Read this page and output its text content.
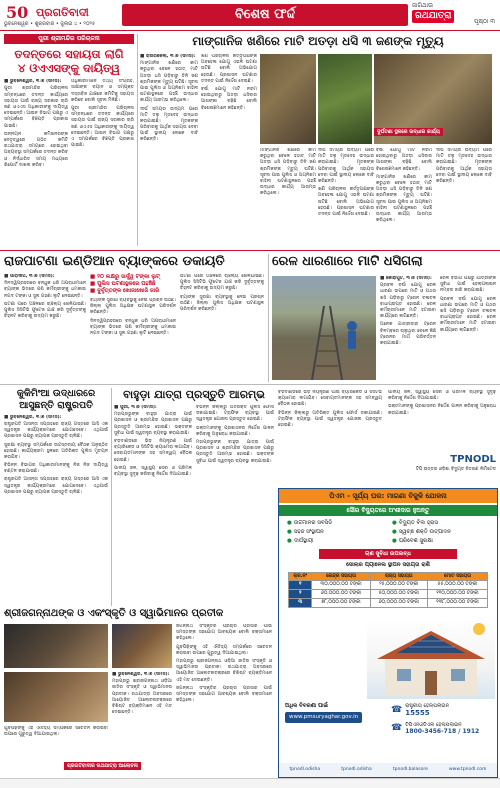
50 ପ୍ରଗତିବାଦୀ
ଭୁବନେଶ୍ୱର • ଶୁକ୍ରବାର • ଜୁଲାଇ ୪ • ୨୦୨୫
ବିଶେଷ ଫର୍ଦ୍ଦ
ଜାଗିଥାଉ
ରଥଯାତ୍ରା
ପୃଷ୍ଠା ୩
ପୁରୀ ଶ୍ରୀମନ୍ଦିର ପରିଚାଳନା
ତଦନ୍ତରେ ସହାୟତା ଲାଗି
୪ ଓଏଏସଙ୍କୁ ଦାୟିତ୍ୱ
■ ଭୁବନେଶ୍ୱର, ୩।୭ (ସମିସ):
ପୁରୀ ଶ୍ରୀମନ୍ଦିର ପରିଚାଳନା ସମ୍ବନ୍ଧରେ ତଦନ୍ତ କାର୍ଯ୍ୟରେ ସହାୟତା ପାଇଁ ରାଜ୍ୟ ସରକାର ଚାରି ଜଣ ଓଏଏସ ଅଧିକାରୀଙ୍କୁ ଦାୟିତ୍ୱ ଦେଇଛନ୍ତି। ଆଇନ ବିଭାଗ ପକ୍ଷରୁ ଏ ସମ୍ପର୍କରେ ବିଜ୍ଞପ୍ତି ପ୍ରକାଶ ପାଇଛି।
ଉନ୍ନୟନ କମିଶନରଙ୍କ ନେତୃତ୍ୱରେ ଗଠିତ କମିଟି ରଥଯାତ୍ରା ସମୟରେ ହୋଇଥିବା ଅବ୍ୟବସ୍ଥା ସମ୍ପର୍କରେ ତଦନ୍ତ କରିବ ଓ ନିର୍ଦ୍ଧାରିତ ସମୟ ମଧ୍ୟରେ ରିପୋର୍ଟ ଦାଖଲ କରିବ।
ଅଧିକାରୀମାନେ ତଥ୍ୟ ସଂଗ୍ରହ, ସାକ୍ଷୀଙ୍କ ବୟାନ ଓ ସମ୍ପୃକ୍ତ ଦସ୍ତାବିଜ ଯାଞ୍ଚରେ କମିଟିକୁ ସହାୟତା କରିବେ ବୋଲି ସୂଚନା ମିଳିଛି।
ପୁରୀ ଶ୍ରୀମନ୍ଦିର ପରିଚାଳନା ସମ୍ବନ୍ଧରେ ତଦନ୍ତ କାର୍ଯ୍ୟରେ ସହାୟତା ପାଇଁ ରାଜ୍ୟ ସରକାର ଚାରି ଜଣ ଓଏଏସ ଅଧିକାରୀଙ୍କୁ ଦାୟିତ୍ୱ ଦେଇଛନ୍ତି। ଆଇନ ବିଭାଗ ପକ୍ଷରୁ ଏ ସମ୍ପର୍କରେ ବିଜ୍ଞପ୍ତି ପ୍ରକାଶ ପାଇଛି।
ମାଙ୍ଗାନିଜ ଖଣିରେ ମାଟି ଅତଡ଼ା ଧସି ୩ ଜଣଙ୍କ ମୃତ୍ୟୁ
■ ରାଉରକେଲା, ୩।୭ (ସମିସ):
ମାଙ୍ଗାନିଜ ଖଣିରେ କାମ କରୁଥିବା ବେଳେ ହଠାତ୍ ମାଟି ଅତଡ଼ା ଧସି ପଡ଼ିବାରୁ ତିନି ଜଣ ଶ୍ରମିକଙ୍କ ମୃତ୍ୟୁ ଘଟିଛି। ସୂଚନା ପାଇ ପୁଲିସ ଓ ଅଗ୍ନିଶମ ବାହିନୀ ଘଟଣାସ୍ଥଳରେ ପହଞ୍ଚି ଉଦ୍ଧାର କାର୍ଯ୍ୟ ଆରମ୍ଭ କରିଥିଲେ।
ଦୀର୍ଘ ସମୟର ଉଦ୍ୟମ ପରେ ମାଟି ତଳୁ ମୃତଦେହ ଉଦ୍ଧାର କରାଯାଇଛି। ମୃତକଙ୍କ ପରିବାରକୁ ଆର୍ଥିକ ସହାୟତା ଦେବା ପାଇଁ ସ୍ଥାନୀୟ ଲୋକେ ଦାବି କରିଛନ୍ତି।
ଖଣି ପରିଚାଳନା କର୍ତ୍ତୃପକ୍ଷଙ୍କ ଅବହେଳା ଯୋଗୁ ଏଭଳି ଘଟଣା ଘଟିଛି ବୋଲି ଅଭିଯୋଗ ହେଉଛି। ପ୍ରଶାସନ ଘଟଣାର ତଦନ୍ତ ପାଇଁ ନିର୍ଦ୍ଦେଶ ଦେଇଛି।
ବର୍ଷା ଯୋଗୁ ମାଟି ନରମ ହୋଇଥିବାରୁ ଅତଡ଼ା ଧସିବାର ଆଶଙ୍କା ବଢ଼ିଛି ବୋଲି ବିଶେଷଜ୍ଞମାନେ କହିଛନ୍ତି।
ଦୁର୍ଘଟଣା ସ୍ଥଳରେ ଉଦ୍ଧାର କାର୍ଯ୍ୟ
ମାଙ୍ଗାନିଜ ଖଣିରେ କାମ କରୁଥିବା ବେଳେ ହଠାତ୍ ମାଟି ଅତଡ଼ା ଧସି ପଡ଼ିବାରୁ ତିନି ଜଣ ଶ୍ରମିକଙ୍କ ମୃତ୍ୟୁ ଘଟିଛି। ସୂଚନା ପାଇ ପୁଲିସ ଓ ଅଗ୍ନିଶମ ବାହିନୀ ଘଟଣାସ୍ଥଳରେ ପହଞ୍ଚି ଉଦ୍ଧାର କାର୍ଯ୍ୟ ଆରମ୍ଭ କରିଥିଲେ।
ଦୀର୍ଘ ସମୟର ଉଦ୍ୟମ ପରେ ମାଟି ତଳୁ ମୃତଦେହ ଉଦ୍ଧାର କରାଯାଇଛି। ମୃତକଙ୍କ ପରିବାରକୁ ଆର୍ଥିକ ସହାୟତା ଦେବା ପାଇଁ ସ୍ଥାନୀୟ ଲୋକେ ଦାବି କରିଛନ୍ତି।
ଖଣି ପରିଚାଳନା କର୍ତ୍ତୃପକ୍ଷଙ୍କ ଅବହେଳା ଯୋଗୁ ଏଭଳି ଘଟଣା ଘଟିଛି ବୋଲି ଅଭିଯୋଗ ହେଉଛି। ପ୍ରଶାସନ ଘଟଣାର ତଦନ୍ତ ପାଇଁ ନିର୍ଦ୍ଦେଶ ଦେଇଛି।
ବର୍ଷା ଯୋଗୁ ମାଟି ନରମ ହୋଇଥିବାରୁ ଅତଡ଼ା ଧସିବାର ଆଶଙ୍କା ବଢ଼ିଛି ବୋଲି ବିଶେଷଜ୍ଞମାନେ କହିଛନ୍ତି।
ମାଙ୍ଗାନିଜ ଖଣିରେ କାମ କରୁଥିବା ବେଳେ ହଠାତ୍ ମାଟି ଅତଡ଼ା ଧସି ପଡ଼ିବାରୁ ତିନି ଜଣ ଶ୍ରମିକଙ୍କ ମୃତ୍ୟୁ ଘଟିଛି। ସୂଚନା ପାଇ ପୁଲିସ ଓ ଅଗ୍ନିଶମ ବାହିନୀ ଘଟଣାସ୍ଥଳରେ ପହଞ୍ଚି ଉଦ୍ଧାର କାର୍ଯ୍ୟ ଆରମ୍ଭ କରିଥିଲେ।
ଦୀର୍ଘ ସମୟର ଉଦ୍ୟମ ପରେ ମାଟି ତଳୁ ମୃତଦେହ ଉଦ୍ଧାର କରାଯାଇଛି। ମୃତକଙ୍କ ପରିବାରକୁ ଆର୍ଥିକ ସହାୟତା ଦେବା ପାଇଁ ସ୍ଥାନୀୟ ଲୋକେ ଦାବି କରିଛନ୍ତି।
ରାଜପାଟଣା ଇଣ୍ଡିଆନ ବ୍ୟାଙ୍କରେ ଡକାୟତି
■ ପାରାଦୀପ, ୩।୭ (ସମିସ):
ଦିନଦ୍ୱିପ୍ରହରରେ ବନ୍ଧୁକ ଧରି ଅପରାଧୀମାନେ ବ୍ୟାଙ୍କ ଭିତରେ ପଶି କର୍ମଚାରୀଙ୍କୁ ଧମକାଇ ନଗଦ ଟଙ୍କା ଓ ସୁନା ଗହଣା ଲୁଟି ନେଇଛନ୍ତି।
ଘଟଣା ପରେ ଅଞ୍ଚଳରେ ଚାଞ୍ଚଲ୍ୟ ଖେଳିଯାଇଛି। ପୁଲିସ ସିସିଟିଭି ଫୁଟେଜ ଯାଞ୍ଚ କରି ଦୁର୍ବୃତ୍ତଙ୍କୁ ଚିହ୍ନଟ କରିବାକୁ ଉଦ୍ୟମ କରୁଛି।
■ ୨୦ ଲକ୍ଷରୁ ଊର୍ଦ୍ଧ୍ୱ ଟଙ୍କା ଲୁଟ୍
■ ପୁଲିସ ଘଟଣାସ୍ଥଳରେ ପହଞ୍ଚିଛି
■ ଦୁର୍ବୃତ୍ତଙ୍କ ଖୋଜାଖୋଜି ଜାରି
ବ୍ୟାଙ୍କ ସୁରକ୍ଷା ବ୍ୟବସ୍ଥାକୁ ନେଇ ପ୍ରଶ୍ନ ଉଠିଛି। ଜିଲ୍ଲା ପୁଲିସ ଅଧିକ୍ଷକ ଘଟଣାସ୍ଥଳ ପରିଦର୍ଶନ କରିଛନ୍ତି।
ଦିନଦ୍ୱିପ୍ରହରରେ ବନ୍ଧୁକ ଧରି ଅପରାଧୀମାନେ ବ୍ୟାଙ୍କ ଭିତରେ ପଶି କର୍ମଚାରୀଙ୍କୁ ଧମକାଇ ନଗଦ ଟଙ୍କା ଓ ସୁନା ଗହଣା ଲୁଟି ନେଇଛନ୍ତି।
ଘଟଣା ପରେ ଅଞ୍ଚଳରେ ଚାଞ୍ଚଲ୍ୟ ଖେଳିଯାଇଛି। ପୁଲିସ ସିସିଟିଭି ଫୁଟେଜ ଯାଞ୍ଚ କରି ଦୁର୍ବୃତ୍ତଙ୍କୁ ଚିହ୍ନଟ କରିବାକୁ ଉଦ୍ୟମ କରୁଛି।
ବ୍ୟାଙ୍କ ସୁରକ୍ଷା ବ୍ୟବସ୍ଥାକୁ ନେଇ ପ୍ରଶ୍ନ ଉଠିଛି। ଜିଲ୍ଲା ପୁଲିସ ଅଧିକ୍ଷକ ଘଟଣାସ୍ଥଳ ପରିଦର୍ଶନ କରିଛନ୍ତି।
ରେଳ ଧାରଣାରେ ମାଟି ଧସିଗଲା
■ କୋରାପୁଟ, ୩।୭ (ସମିସ):
ପ୍ରବଳ ବର୍ଷା ଯୋଗୁ ରେଳ ଧାରଣା ଉପରେ ମାଟି ଓ ପଥର ଖସି ପଡ଼ିବାରୁ ଟ୍ରେନ ଚଳାଚଳ ବାଧାପ୍ରାପ୍ତ ହୋଇଛି। ରେଳ କର୍ମଚାରୀମାନେ ମାଟି ହଟାଇବା କାର୍ଯ୍ୟରେ ଲାଗିଛନ୍ତି।
ଅନେକ ଯାତ୍ରୀବାହୀ ଟ୍ରେନ ବିଳମ୍ବରେ ଚାଲୁଥିବା ବେଳେ କିଛି ଟ୍ରେନର ମାର୍ଗ ପରିବର୍ତ୍ତନ କରାଯାଇଛି।
ରେଳ ବିଭାଗ ପକ୍ଷରୁ ଯାତ୍ରୀଙ୍କ ସୁବିଧା ପାଇଁ ହେଲ୍ପଲାଇନ ନମ୍ବର ଜାରି କରାଯାଇଛି।
ପ୍ରବଳ ବର୍ଷା ଯୋଗୁ ରେଳ ଧାରଣା ଉପରେ ମାଟି ଓ ପଥର ଖସି ପଡ଼ିବାରୁ ଟ୍ରେନ ଚଳାଚଳ ବାଧାପ୍ରାପ୍ତ ହୋଇଛି। ରେଳ କର୍ମଚାରୀମାନେ ମାଟି ହଟାଇବା କାର୍ଯ୍ୟରେ ଲାଗିଛନ୍ତି।
କୁକିମିଂଆ ଉଦ୍ଧାରରେ
ଆସୁଛନ୍ତି ରାଷ୍ଟ୍ରପତି
■ ଭୁବନେଶ୍ୱର, ୩।୭ (ସମିସ):
ରାଷ୍ଟ୍ରପତି ଆସନ୍ତା ସପ୍ତାହରେ ରାଜ୍ୟ ଗସ୍ତରେ ଆସି ଏକ ସ୍ୱତନ୍ତ୍ର କାର୍ଯ୍ୟକ୍ରମରେ ଯୋଗଦେବେ। ଏଥିପାଇଁ ପ୍ରଶାସନ ପକ୍ଷରୁ ବ୍ୟାପକ ପ୍ରସ୍ତୁତି ଚାଲିଛି।
ସୁରକ୍ଷା ବ୍ୟବସ୍ଥା ସମ୍ପର୍କରେ ଉଚ୍ଚସ୍ତରୀୟ ବୈଠକ ଅନୁଷ୍ଠିତ ହୋଇଛି। କାର୍ଯ୍ୟକ୍ରମ ସ୍ଥଳରେ ଅତିରିକ୍ତ ପୁଲିସ ମୁତୟନ କରାଯିବ।
ବିଭିନ୍ନ ବିଭାଗର ଅଧିକାରୀମାନଙ୍କୁ ନିଜ ନିଜ ଦାୟିତ୍ୱ ବଣ୍ଟନ କରାଯାଇଛି।
ରାଷ୍ଟ୍ରପତି ଆସନ୍ତା ସପ୍ତାହରେ ରାଜ୍ୟ ଗସ୍ତରେ ଆସି ଏକ ସ୍ୱତନ୍ତ୍ର କାର୍ଯ୍ୟକ୍ରମରେ ଯୋଗଦେବେ। ଏଥିପାଇଁ ପ୍ରଶାସନ ପକ୍ଷରୁ ବ୍ୟାପକ ପ୍ରସ୍ତୁତି ଚାଲିଛି।
ବାହୁଡ଼ା ଯାତ୍ରା ପ୍ରସ୍ତୁତି ଆରମ୍ଭ
■ ପୁରୀ, ୩।୭ (ସମିସ):
ମହାପ୍ରଭୁଙ୍କ ବାହୁଡ଼ା ଯାତ୍ରା ପାଇଁ ପ୍ରଶାସନ ଓ ଶ୍ରୀମନ୍ଦିର ପ୍ରଶାସନ ପକ୍ଷରୁ ପ୍ରସ୍ତୁତି ଆରମ୍ଭ ହୋଇଛି। ଭକ୍ତଙ୍କ ସୁବିଧା ପାଇଁ ସ୍ୱତନ୍ତ୍ର ବ୍ୟବସ୍ଥା କରାଯାଉଛି।
ବଡ଼ଦାଣ୍ଡରେ ଭିଡ଼ ନିୟନ୍ତ୍ରଣ ପାଇଁ ବ୍ୟାରିକେଡ ଓ ସିସିଟିଭି କ୍ୟାମେରା ଲଗାଯିବ। ସେବାୟତମାନଙ୍କ ସହ ସମନ୍ୱୟ ବୈଠକ ହୋଇଛି।
ପାନୀୟ ଜଳ, ସ୍ୱାସ୍ଥ୍ୟ ସେବା ଓ ପରିମଳ ବ୍ୟବସ୍ଥା ସୁଦୃଢ଼ କରିବାକୁ ନିର୍ଦ୍ଦେଶ ଦିଆଯାଇଛି।
ବିଭିନ୍ନ ଜିଲ୍ଲାରୁ ଅତିରିକ୍ତ ପୁଲିସ ଫୋର୍ସ ଡକାଯାଇଛି। ଟ୍ରାଫିକ ବ୍ୟବସ୍ଥା ପାଇଁ ସ୍ୱତନ୍ତ୍ର ଯୋଜନା ପ୍ରସ୍ତୁତ ହୋଇଛି।
ଭକ୍ତମାନଙ୍କୁ ପ୍ରଶାସନର ନିର୍ଦ୍ଦେଶ ପାଳନ କରିବାକୁ ଅନୁରୋଧ କରାଯାଇଛି।
ମହାପ୍ରଭୁଙ୍କ ବାହୁଡ଼ା ଯାତ୍ରା ପାଇଁ ପ୍ରଶାସନ ଓ ଶ୍ରୀମନ୍ଦିର ପ୍ରଶାସନ ପକ୍ଷରୁ ପ୍ରସ୍ତୁତି ଆରମ୍ଭ ହୋଇଛି। ଭକ୍ତଙ୍କ ସୁବିଧା ପାଇଁ ସ୍ୱତନ୍ତ୍ର ବ୍ୟବସ୍ଥା କରାଯାଉଛି।
ବଡ଼ଦାଣ୍ଡରେ ଭିଡ଼ ନିୟନ୍ତ୍ରଣ ପାଇଁ ବ୍ୟାରିକେଡ ଓ ସିସିଟିଭି କ୍ୟାମେରା ଲଗାଯିବ। ସେବାୟତମାନଙ୍କ ସହ ସମନ୍ୱୟ ବୈଠକ ହୋଇଛି।
ବିଭିନ୍ନ ଜିଲ୍ଲାରୁ ଅତିରିକ୍ତ ପୁଲିସ ଫୋର୍ସ ଡକାଯାଇଛି। ଟ୍ରାଫିକ ବ୍ୟବସ୍ଥା ପାଇଁ ସ୍ୱତନ୍ତ୍ର ଯୋଜନା ପ୍ରସ୍ତୁତ ହୋଇଛି।
ପାନୀୟ ଜଳ, ସ୍ୱାସ୍ଥ୍ୟ ସେବା ଓ ପରିମଳ ବ୍ୟବସ୍ଥା ସୁଦୃଢ଼ କରିବାକୁ ନିର୍ଦ୍ଦେଶ ଦିଆଯାଇଛି।
ଭକ୍ତମାନଙ୍କୁ ପ୍ରଶାସନର ନିର୍ଦ୍ଦେଶ ପାଳନ କରିବାକୁ ଅନୁରୋଧ କରାଯାଇଛି।
TPNODL
ଟିପି ଉତ୍ତର ଓଡ଼ିଶା ବିଦ୍ୟୁତ ବିତରଣ ଲିମିଟେଡ
ପିଏମ - ସୂର୍ଯ୍ୟ ଘର: ମାଗଣା ବିଜୁଳି ଯୋଜନା
ସୌର ବିଦ୍ୟୁତରେ ଅଂଶୀଦାର ହୁଅନ୍ତୁ
● ଉଚ୍ଚମାନର ସବସିଡି	● ବିଦ୍ୟୁତ ବିଲ ହ୍ରାସ
● ସହଜ ସଂସ୍ଥାପନ	● ସ୍ୱଚ୍ଛ ଶକ୍ତି ଉତ୍ପାଦନ
● ଦୀର୍ଘସ୍ଥାୟୀ	● ପରିବେଶ ସୁରକ୍ଷା
ଋଣ ସୁବିଧା ଉପଲବ୍ଧ
ସୋଲାର ପ୍ୟାନେଲ ସ୍ଥାପନ ସହାୟତା ରାଶି
କ୍ର.ନଂ	କେନ୍ଦ୍ର ସହାୟତା	ରାଜ୍ୟ ସହାୟତା	ମୋଟ ସହାୟତା
୧	୩୦,୦୦୦.୦୦ ଟଙ୍କା	୨୫,୦୦୦.୦୦ ଟଙ୍କା	୫୫,୦୦୦.୦୦ ଟଙ୍କା
୨	୬୦,୦୦୦.୦୦ ଟଙ୍କା	୫୦,୦୦୦.୦୦ ଟଙ୍କା	୧୧୦,୦୦୦.୦୦ ଟଙ୍କା
୩	୭୮,୦୦୦.୦୦ ଟଙ୍କା	୬୦,୦୦୦.୦୦ ଟଙ୍କା	୧୩୮,୦୦୦.୦୦ ଟଙ୍କା
ଅଧିକ ବିବରଣୀ ପାଇଁ
www.pmsuryaghar.gov.in
☎ ରାଷ୍ଟ୍ରୀୟ ହେଲ୍ପଲାଇନ
15555
☎ ଟିପିଏନଓଡିଏଲ ହେଲ୍ପଲାଇନ
1800-3456-718 / 1912
tpnodl.odisha	tpnodl.odisha	tpnodl.balasore	www.tpnodl.com
ଶ୍ରୀଜଗନ୍ନାଥଙ୍କ ଓ ଏକଂସ୍କୃତି ଓ ସ୍ୱାଭିମାନର ପ୍ରତୀକ
■ ଭୁବନେଶ୍ୱର, ୩।୭ (ସମିସ):
ମହାପ୍ରଭୁ ଶ୍ରୀଜଗନ୍ନାଥ ଓଡ଼ିଆ ଜାତିର ସଂସ୍କୃତି ଓ ସ୍ୱାଭିମାନର ପ୍ରତୀକ। ରଥଯାତ୍ରା ଅବସରରେ ଆୟୋଜିତ ଆଲୋଚନାଚକ୍ରରେ ବିଶିଷ୍ଟ ବ୍ୟକ୍ତିମାନେ ଏହି ମତ ଦେଇଛନ୍ତି।
ଜଗନ୍ନାଥ ସଂସ୍କୃତିର ପ୍ରଚାର ପ୍ରସାର ପାଇଁ ସମସ୍ତଙ୍କ ସହଯୋଗ ଆବଶ୍ୟକ ବୋଲି ବକ୍ତାମାନେ କହିଥିଲେ।
ଯୁବପିଢ଼ିଙ୍କୁ ଏହି ଐତିହ୍ୟ ସମ୍ପର୍କରେ ସଚେତନ କରାଇବା ଉପରେ ଗୁରୁତ୍ୱ ଦିଆଯାଇଥିଲା।
ମହାପ୍ରଭୁ ଶ୍ରୀଜଗନ୍ନାଥ ଓଡ଼ିଆ ଜାତିର ସଂସ୍କୃତି ଓ ସ୍ୱାଭିମାନର ପ୍ରତୀକ। ରଥଯାତ୍ରା ଅବସରରେ ଆୟୋଜିତ ଆଲୋଚନାଚକ୍ରରେ ବିଶିଷ୍ଟ ବ୍ୟକ୍ତିମାନେ ଏହି ମତ ଦେଇଛନ୍ତି।
ଜଗନ୍ନାଥ ସଂସ୍କୃତିର ପ୍ରଚାର ପ୍ରସାର ପାଇଁ ସମସ୍ତଙ୍କ ସହଯୋଗ ଆବଶ୍ୟକ ବୋଲି ବକ୍ତାମାନେ କହିଥିଲେ।
ଯୁବପିଢ଼ିଙ୍କୁ ଏହି ଐତିହ୍ୟ ସମ୍ପର୍କରେ ସଚେତନ କରାଇବା ଉପରେ ଗୁରୁତ୍ୱ ଦିଆଯାଇଥିଲା।
ପ୍ରଗତିବାଦୀର ରଥଯାତ୍ରା ଆଲୋଚନା
